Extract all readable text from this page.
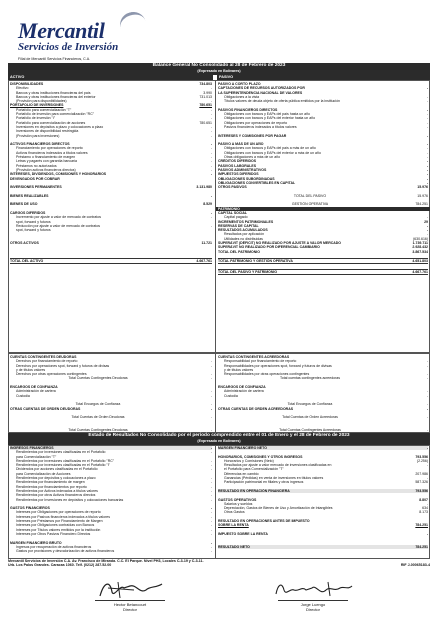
Mercantil
Servicios de Inversión
Filial de Mercantil Servicios Financieros, C.A.
Balance General No Consolidado al 28 de Febrero de 2023
(Expresado en Bolívares)
ACTIVO	PASIVO
DISPONIBILIDADES	734.803
Efectivo	-
Bancos y otras instituciones financieras del país	3.990
Bancos y otras instituciones financieras del exterior	731.013
(Provisión para disponibilidades)	-
PORTAFOLIO DE INVERSIONES	780.651
Portafolio para comercialización "T"	-
Portafolio de inversión para comercialización "RC"	-
Portafolio de inversión "I"	-
Portafolio para comercialización de acciones	780.651
Inversiones en depósitos a plazo y colocaciones a plazo	-
Inversiones de disponibilidad restringida	-
(Provisión para inversiones)	-
ACTIVOS FINANCIEROS DIRECTOS	-
Financiamiento por operaciones de reporto	-
Activos financieros indexados a títulos valores	-
Préstamo o financiamiento de margen	-
Letras y pagarés con garantía bancaria	-
Préstamos no autorizados	-
(Provisión activos financieros directos)	-
INTERESES, DIVIDENDOS, COMISIONES Y HONORARIOS	-
DEVENGADOS POR COBRAR
INVERSIONES PERMANENTES	3.131.980
BIENES REALIZABLES	-
BIENES DE USO	8.529
CARGOS DIFERIDOS	-
Incremento por ajuste a valor de mercado de contratos	-
spot, forward y futuros
Reducción por ajuste a valor de mercado de contratos	-
spot, forward y futuros
OTROS ACTIVOS	11.721
TOTAL DEL ACTIVO	4.667.761
PASIVO A CORTO PLAZO
CAPTACIONES DE RECURSOS AUTORIZADOS POR	-
LA SUPERINTENDENCIA NACIONAL DE VALORES
Obligaciones a la vista	-
Títulos valores de deuda objeto de oferta pública emitidos por la institución	-
PASIVOS FINANCIEROS DIRECTOS	-
Obligaciones con bancos y EAPs del país hasta un año	-
Obligaciones con bancos y EAPs del exterior hasta un año	-
Obligaciones por operaciones de reporto	-
Pasivos financieros indexados a títulos valores	-
INTERESES Y COMISIONES POR PAGAR	-
PASIVO A MÁS DE UN AÑO	-
Obligaciones con bancos y EAPs del país a más de un año	-
Obligaciones con bancos y EAPs del exterior a más de un año	-
Otras obligaciones a más de un año	-
CRÉDITOS DIFERIDOS	-
PASIVOS LABORALES	-
PASIVOS ADMINISTRATIVOS	-
IMPUESTOS DIFERIDOS	-
OBLIGACIONES SUBORDINADAS	-
OBLIGACIONES CONVERTIBLES EN CAPITAL	-
OTROS PASIVOS	15.976
TOTAL DEL PASIVO	15.976
GESTIÓN OPERATIVA	784.251
PATRIMONIO
CAPITAL SOCIAL
Capital pagado	-
INCREMENTOS PATRIMONIALES	29
RESERVAS DE CAPITAL	-
RESULTADOS ACUMULADOS	-
Resultados por aplicación	-
Utilidades no distribuidas	(630.616)
SUPERÁVIT (DÉFICIT) NO REALIZADO POR AJUSTE A VALOR MERCADO	1.739.711
SUPERÁVIT NO REALIZADO POR DIFERENCIAL CAMBIARIO	2.928.432
TOTAL DEL PATRIMONIO	3.867.534
TOTAL PATRIMONIO Y GESTIÓN OPERATIVA	4.651.803
TOTAL DEL PASIVO Y PATRIMONIO	4.667.761
CUENTAS CONTINGENTES DEUDORAS
Derechos por financiamiento de reporto	-
Derechos por operaciones spot, forward y futuros de divisas	-
y de títulos valores
Derechos por otras operaciones contingentes	-
Total Cuentas Contingentes Deudoras	-
ENCARGOS DE CONFIANZA
Administración de cartera	-
Custodia	-
Total Encargos de Confianza	-
OTRAS CUENTAS DE ORDEN DEUDORAS	-
Total Cuentas de Orden Deudoras	-
Total Cuentas Contingentes Deudoras	-
CUENTAS CONTINGENTES ACREEDORAS
Responsabilidad por financiamiento de reporto	-
Responsabilidades por operaciones spot, forward y futuros de divisas	-
y de títulos valores
Responsabilidades por otras operaciones contingentes	-
Total cuentas contingentes acreedoras	-
ENCARGOS DE CONFIANZA
Administración de cartera	-
Custodia	-
Total Encargos de Confianza	-
OTRAS CUENTAS DE ORDEN ACREEDORAS	-
Total Cuentas de Orden Acreedoras	-
Total Cuentas Contingentes Acreedoras	-
Estado de Resultados No Consolidado por el período comprendido entre el 01 de Enero y el 28 de Febrero de 2023
(Expresado en Bolívares)
INGRESOS FINANCIEROS	-
Rendimientos por inversiones clasificadas en el Portafolio	-
para Comercialización "T"
Rendimientos por inversiones clasificadas en el Portafolio "RC"	-
Rendimientos por inversiones clasificadas en el Portafolio "I"	-
Dividendos por acciones clasificadas en el Portafolio	-
para Comercialización de Acciones
Rendimientos por depósitos y colocaciones a plazo	-
Rendimientos por financiamiento de margen	-
Rendimientos por financiamientos por reporto	-
Rendimientos por Activos indexados a títulos valores	-
Rendimientos por otros Activos financieros directos	-
Rendimientos por Inversiones en depósitos y colocaciones bancarias	-
GASTOS FINANCIEROS	-
Intereses por Obligaciones por operaciones de reporto	-
Intereses por Pasivos financieros indexados a títulos valores	-
Intereses por Préstamos por Financiamiento de Margen	-
Intereses por Obligaciones contraídas con Bancos	-
Intereses por Títulos valores emitidos por la institución	-
Intereses por Otros Pasivos Financiero Directos	-
MARGEN FINANCIERO BRUTO	-
Ingresos por recuperación de activos financieros	-
Gastos por provisiones y desvalorización de activos financieros	-
MARGEN FINANCIERO NETO	-
HONORARIOS, COMISIONES Y OTROS INGRESOS	793.556
Honorarios y Comisiones (Neto)	(2.256)
Resultados por ajuste a valor mercado de inversiones clasificadas en	-
el Portafolio para Comercialización "T"
Diferencias en cambio	207.986
Ganancias (Pérdidas) en venta de inversiones en títulos valores	-
Participación patrimonial en filiales y otros ingresos	587.326
RESULTADO EN OPERACIÓN FINANCIERA	793.556
GASTOS OPERATIVOS	8.807
Salarios y sueldos	-
Depreciación, Gastos de Bienes de Uso y Amortización de Intangibles	634
Otros Gastos	8.173
RESULTADO EN OPERACIONES ANTES DE IMPUESTO
SOBRE LA RENTA	784.251
IMPUESTO SOBRE LA RENTA	-
RESULTADO NETO	784.251
Mercantil Servicios de Inversión C.A. Av. Francisco de Miranda. C.C. El Parque. Nivel PH3, Locales C-3-19 y C-3-11.
Urb. Los Palos Grandes. Caracas 1060. Telf. (0212) 287.52.00	RIF J-00065183-4
Hector Betancourt
Director
Jorge Luengo
Director
